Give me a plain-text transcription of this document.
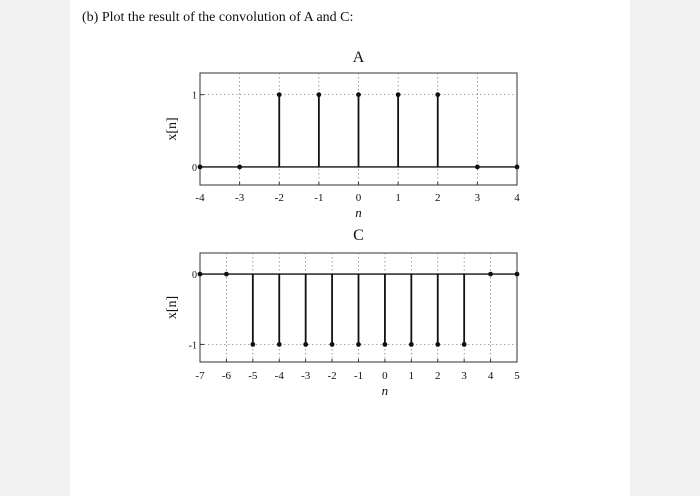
(b) Plot the result of the convolution of A and C:
-4	-3	-2	-1	0	1	2	3	4
0
1
A
n
x[n]
-7 -6 -5 -4 -3 -2 -1 0 1 2 3 4 5
0
-1
C
n
x[n]
